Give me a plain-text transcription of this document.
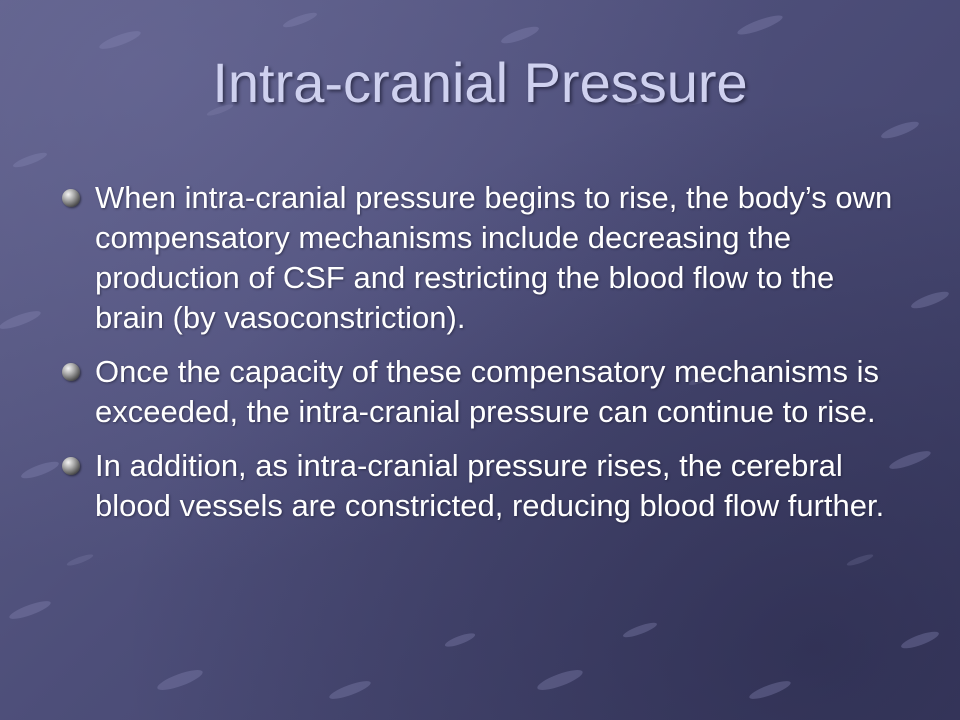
Intra-cranial Pressure
When intra-cranial pressure begins to rise, the body’s own compensatory mechanisms include decreasing the production of CSF and restricting the blood flow to the brain (by vasoconstriction).
Once the capacity of these compensatory mechanisms is exceeded, the intra-cranial pressure can continue to rise.
In addition, as intra-cranial pressure rises, the cerebral blood vessels are constricted, reducing blood flow further.
